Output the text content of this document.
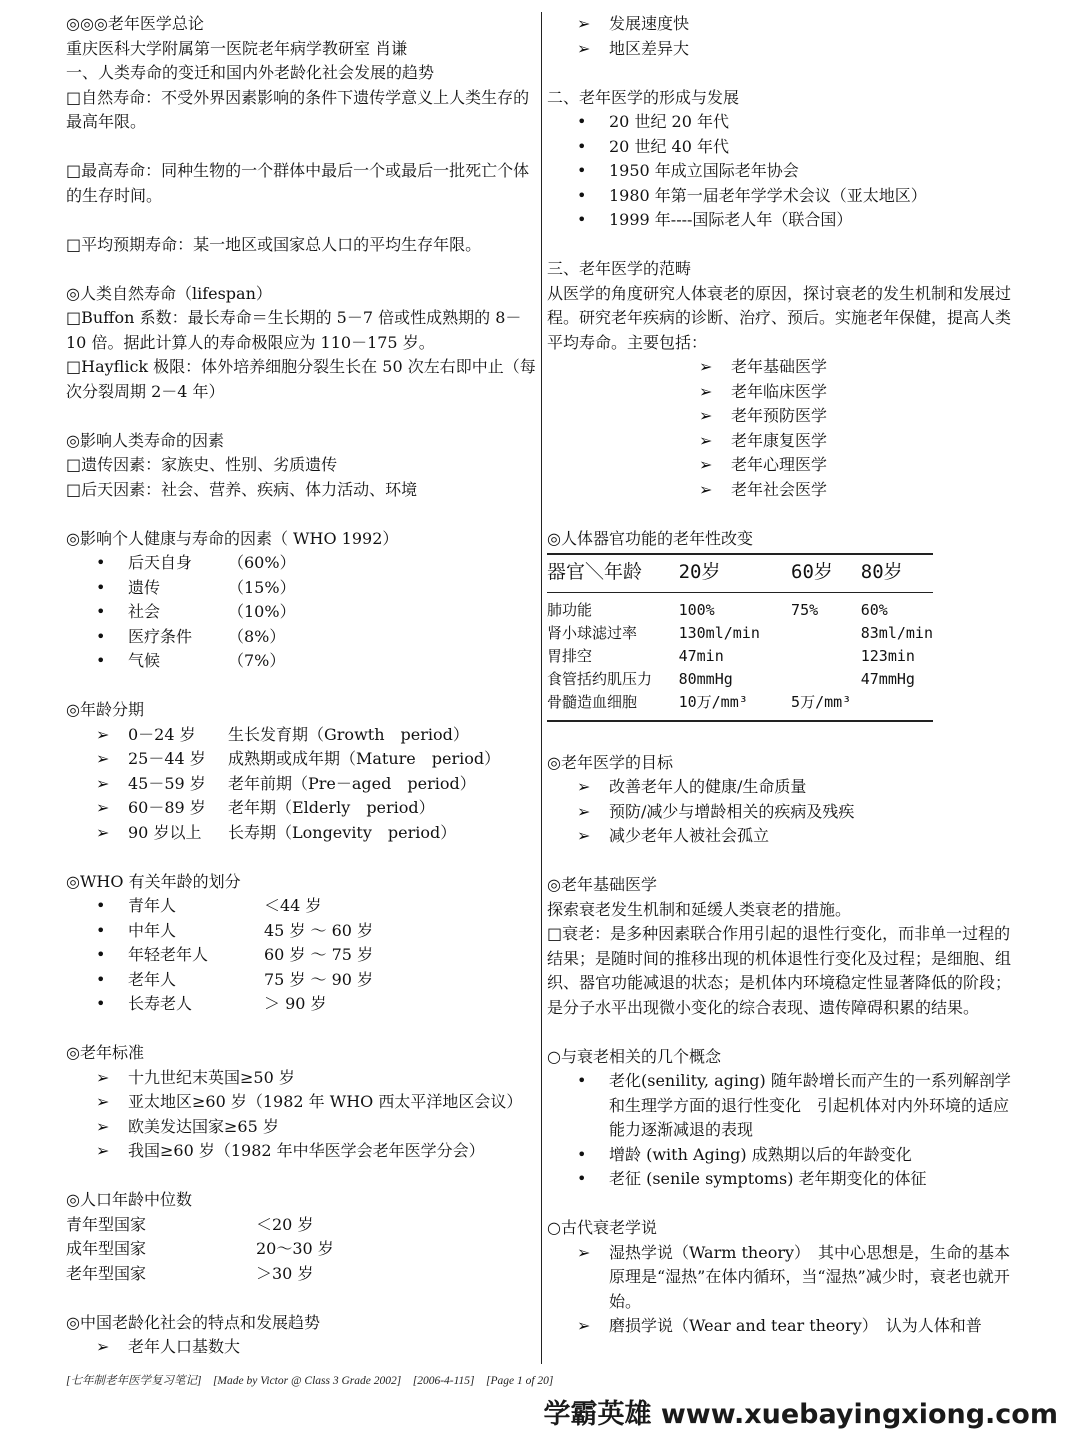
◎◎◎老年医学总论
重庆医科大学附属第一医院老年病学教研室 肖谦
一、人类寿命的变迁和国内外老龄化社会发展的趋势
□自然寿命：不受外界因素影响的条件下遗传学意义上人类生存的最高年限。
□最高寿命：同种生物的一个群体中最后一个或最后一批死亡个体的生存时间。
□平均预期寿命：某一地区或国家总人口的平均生存年限。
◎人类自然寿命（lifespan）
□Buffon 系数：最长寿命＝生长期的 5－7 倍或性成熟期的 8－10 倍。据此计算人的寿命极限应为 110－175 岁。
□Hayflick 极限：体外培养细胞分裂生长在 50 次左右即中止（每次分裂周期 2－4 年）
◎影响人类寿命的因素
□遗传因素：家族史、性别、劣质遗传
□后天因素：社会、营养、疾病、体力活动、环境
◎影响个人健康与寿命的因素（ WHO 1992）
•	后天自身	（60%）
•	遗传	（15%）
•	社会	（10%）
•	医疗条件	（8%）
•	气候	（7%）
◎年龄分期
➢	0－24 岁	生长发育期（Growth　period）
➢	25－44 岁	成熟期或成年期（Mature　period）
➢	45－59 岁	老年前期（Pre－aged　period）
➢	60－89 岁	老年期（Elderly　period）
➢	90 岁以上	长寿期（Longevity　period）
◎WHO 有关年龄的划分
•	青年人	＜44 岁
•	中年人	45 岁 ～ 60 岁
•	年轻老年人	60 岁 ～ 75 岁
•	老年人	75 岁 ～ 90 岁
•	长寿老人	＞ 90 岁
◎老年标准
➢	十九世纪末英国≥50 岁
➢	亚太地区≥60 岁（1982 年 WHO 西太平洋地区会议）
➢	欧美发达国家≥65 岁
➢	我国≥60 岁（1982 年中华医学会老年医学分会）
◎人口年龄中位数
青年型国家	＜20 岁
成年型国家	20～30 岁
老年型国家	＞30 岁
◎中国老龄化社会的特点和发展趋势
➢	老年人口基数大
➢	发展速度快
➢	地区差异大
二、老年医学的形成与发展
•	20 世纪 20 年代
•	20 世纪 40 年代
•	1950 年成立国际老年协会
•	1980 年第一届老年学学术会议（亚太地区）
•	1999 年----国际老人年（联合国）
三、老年医学的范畴
从医学的角度研究人体衰老的原因，探讨衰老的发生机制和发展过程。研究老年疾病的诊断、治疗、预后。实施老年保健，提高人类平均寿命。主要包括：
➢	老年基础医学
➢	老年临床医学
➢	老年预防医学
➢	老年康复医学
➢	老年心理医学
➢	老年社会医学
◎人体器官功能的老年性改变
器官＼年龄	20岁	60岁	80岁
肺功能	100%	75%	60%
肾小球滤过率	130ml/min		83ml/min
胃排空	47min		123min
食管括约肌压力	80mmHg		47mmHg
骨髓造血细胞	10万/mm³	5万/mm³	
◎老年医学的目标
➢	改善老年人的健康/生命质量
➢	预防/减少与增龄相关的疾病及残疾
➢	减少老年人被社会孤立
◎老年基础医学
探索衰老发生机制和延缓人类衰老的措施。
□衰老：是多种因素联合作用引起的退性行变化，而非单一过程的结果；是随时间的推移出现的机体退性行变化及过程；是细胞、组织、器官功能减退的状态；是机体内环境稳定性显著降低的阶段；是分子水平出现微小变化的综合表现、遗传障碍积累的结果。
○与衰老相关的几个概念
•	老化(senility, aging) 随年龄增长而产生的一系列解剖学和生理学方面的退行性变化　引起机体对内外环境的适应能力逐渐减退的表现
•	增龄 (with Aging) 成熟期以后的年龄变化
•	老征 (senile symptoms) 老年期变化的体征
○古代衰老学说
➢	湿热学说（Warm theory）　其中心思想是，生命的基本原理是“湿热”在体内循环，当“湿热”减少时，衰老也就开始。
➢	磨损学说（Wear and tear theory）　认为人体和普
[七年制老年医学复习笔记]　[Made by Victor @ Class 3 Grade 2002]　[2006-4-115]　[Page 1 of 20]
学霸英雄 www.xuebayingxiong.com
